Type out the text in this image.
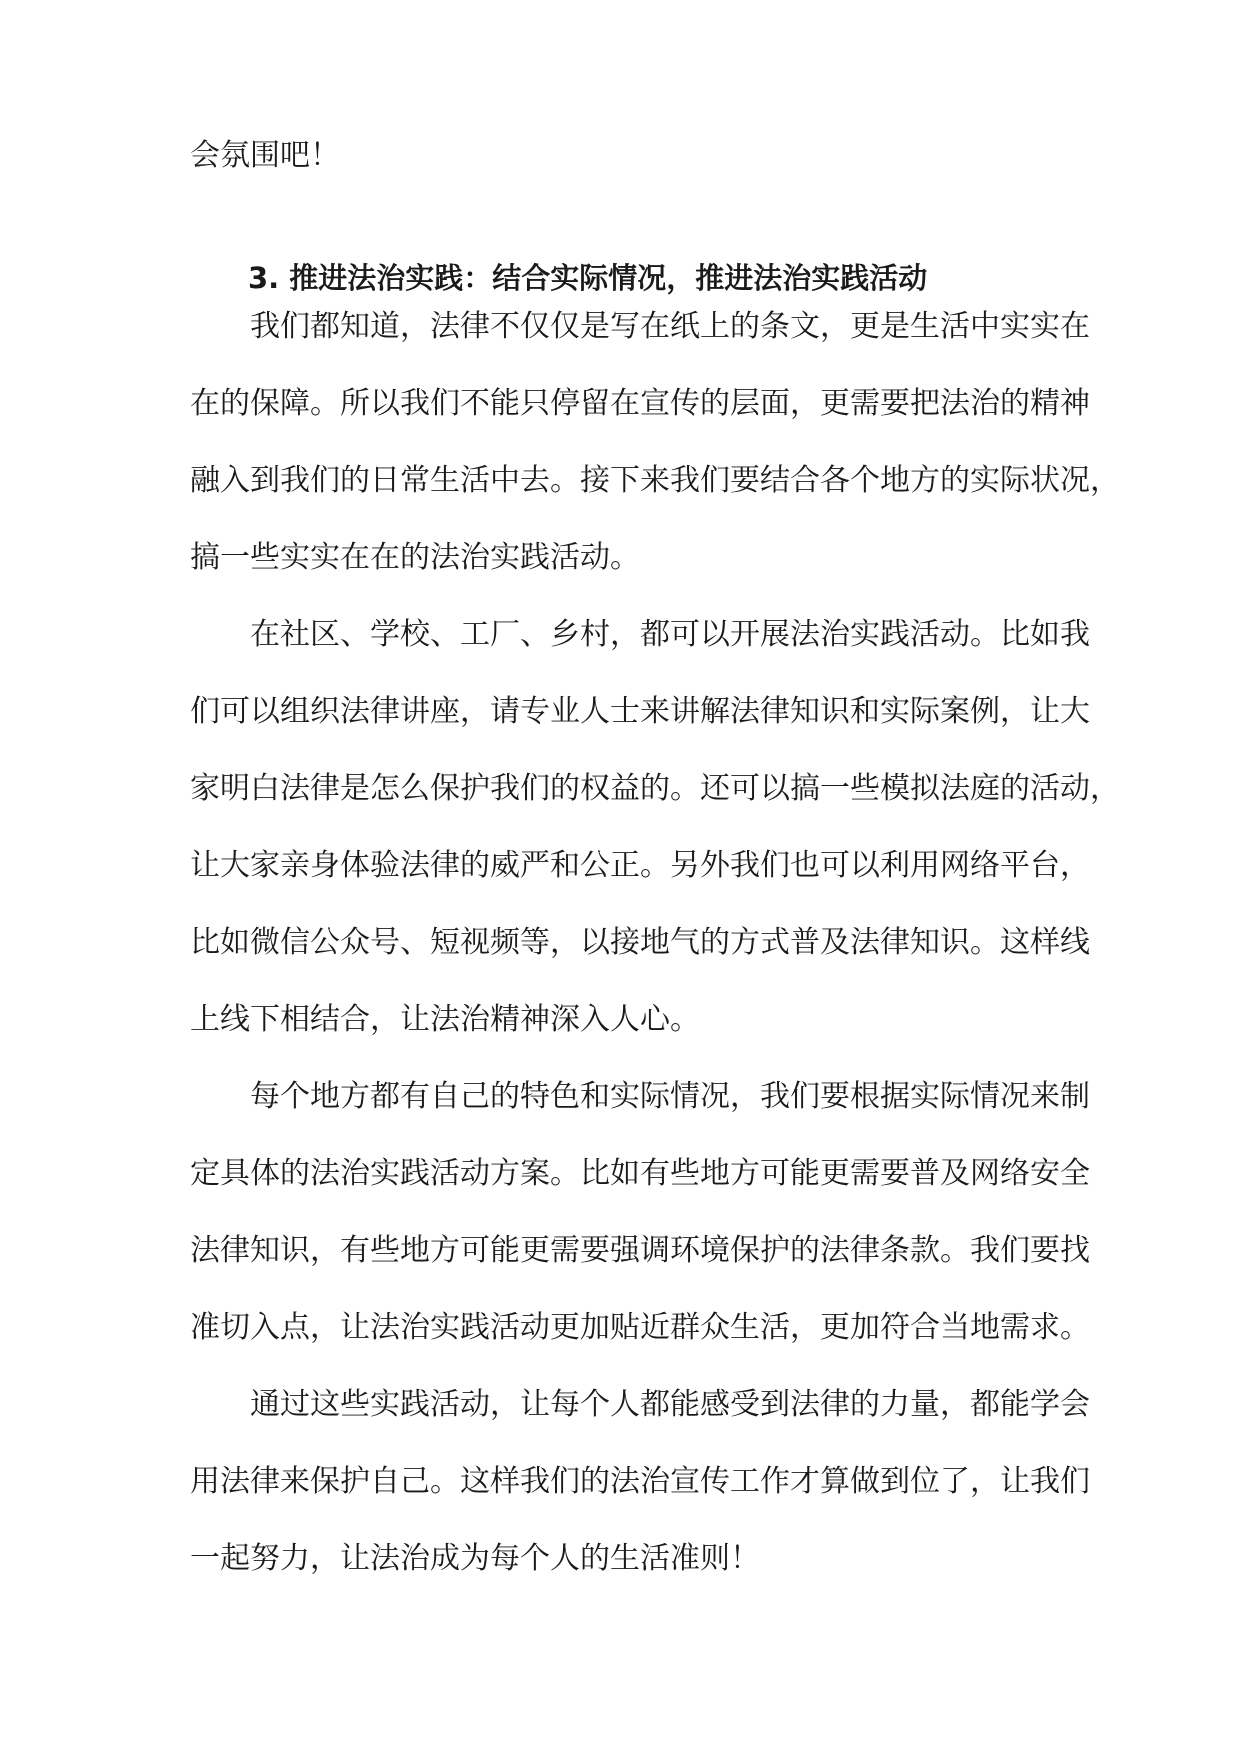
会氛围吧！
3. 推进法治实践：结合实际情况，推进法治实践活动
我们都知道，法律不仅仅是写在纸上的条文，更是生活中实实在
在的保障。所以我们不能只停留在宣传的层面，更需要把法治的精神
融入到我们的日常生活中去。接下来我们要结合各个地方的实际状况，
搞一些实实在在的法治实践活动。
在社区、学校、工厂、乡村，都可以开展法治实践活动。比如我
们可以组织法律讲座，请专业人士来讲解法律知识和实际案例，让大
家明白法律是怎么保护我们的权益的。还可以搞一些模拟法庭的活动，
让大家亲身体验法律的威严和公正。另外我们也可以利用网络平台，
比如微信公众号、短视频等，以接地气的方式普及法律知识。这样线
上线下相结合，让法治精神深入人心。
每个地方都有自己的特色和实际情况，我们要根据实际情况来制
定具体的法治实践活动方案。比如有些地方可能更需要普及网络安全
法律知识，有些地方可能更需要强调环境保护的法律条款。我们要找
准切入点，让法治实践活动更加贴近群众生活，更加符合当地需求。
通过这些实践活动，让每个人都能感受到法律的力量，都能学会
用法律来保护自己。这样我们的法治宣传工作才算做到位了，让我们
一起努力，让法治成为每个人的生活准则！
